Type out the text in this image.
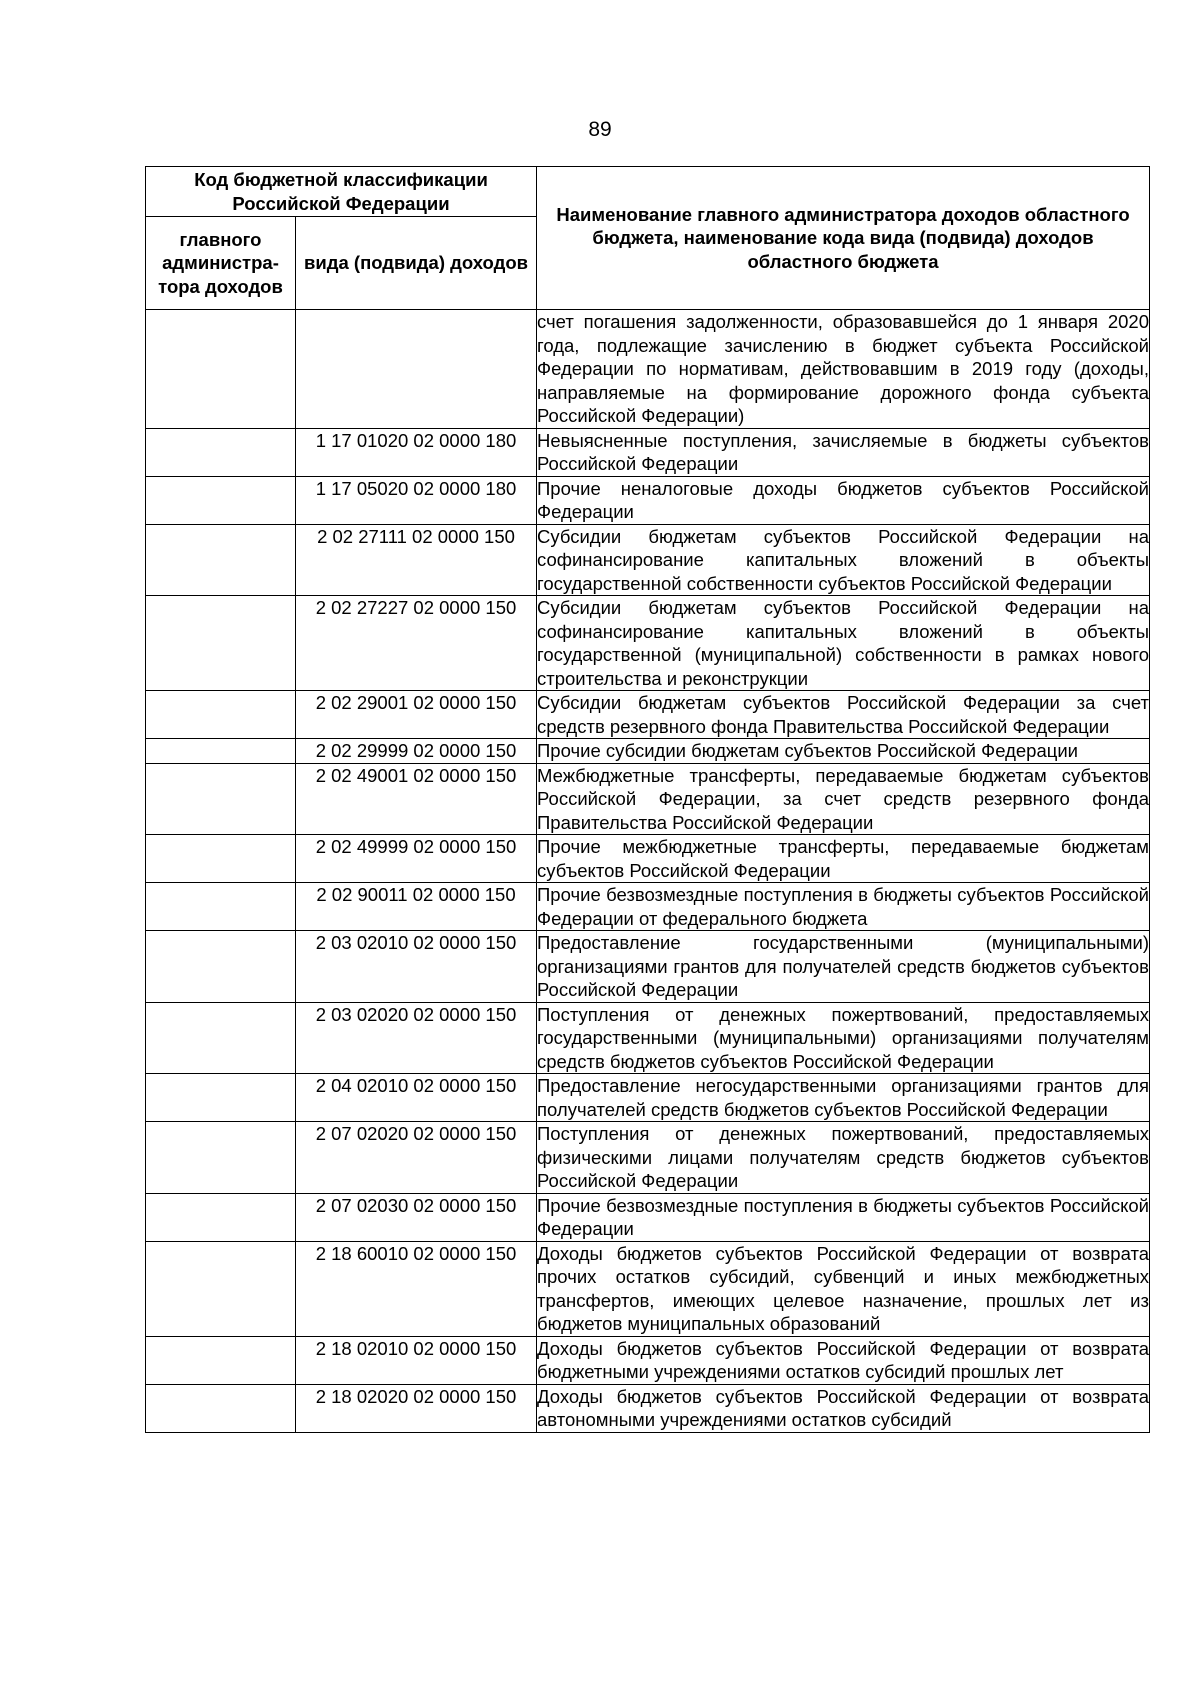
89
Код бюджетной классификации Российской Федерации		Наименование главного администратора доходов областного бюджета, наименование кода вида (подвида) доходов областного бюджета
главного администра-тора доходов	вида (подвида) доходов	
		счет погашения задолженности, образовавшейся до 1 января 2020 года, подлежащие зачислению в бюджет субъекта Российской Федерации по нормативам, действовавшим в 2019 году (доходы, направляемые на формирование дорожного фонда субъекта Российской Федерации)
	1 17 01020 02 0000 180	Невыясненные поступления, зачисляемые в бюджеты субъектов Российской Федерации
	1 17 05020 02 0000 180	Прочие неналоговые доходы бюджетов субъектов Российской Федерации
	2 02 27111 02 0000 150	Субсидии бюджетам субъектов Российской Федерации на софинансирование капитальных вложений в объекты государственной собственности субъектов Российской Федерации
	2 02 27227 02 0000 150	Субсидии бюджетам субъектов Российской Федерации на софинансирование капитальных вложений в объекты государственной (муниципальной) собственности в рамках нового строительства и реконструкции
	2 02 29001 02 0000 150	Субсидии бюджетам субъектов Российской Федерации за счет средств резервного фонда Правительства Российской Федерации
	2 02 29999 02 0000 150	Прочие субсидии бюджетам субъектов Российской Федерации
	2 02 49001 02 0000 150	Межбюджетные трансферты, передаваемые бюджетам субъектов Российской Федерации, за счет средств резервного фонда Правительства Российской Федерации
	2 02 49999 02 0000 150	Прочие межбюджетные трансферты, передаваемые бюджетам субъектов Российской Федерации
	2 02 90011 02 0000 150	Прочие безвозмездные поступления в бюджеты субъектов Российской Федерации от федерального бюджета
	2 03 02010 02 0000 150	Предоставление государственными (муниципальными) организациями грантов для получателей средств бюджетов субъектов Российской Федерации
	2 03 02020 02 0000 150	Поступления от денежных пожертвований, предоставляемых государственными (муниципальными) организациями получателям средств бюджетов субъектов Российской Федерации
	2 04 02010 02 0000 150	Предоставление негосударственными организациями грантов для получателей средств бюджетов субъектов Российской Федерации
	2 07 02020 02 0000 150	Поступления от денежных пожертвований, предоставляемых физическими лицами получателям средств бюджетов субъектов Российской Федерации
	2 07 02030 02 0000 150	Прочие безвозмездные поступления в бюджеты субъектов Российской Федерации
	2 18 60010 02 0000 150	Доходы бюджетов субъектов Российской Федерации от возврата прочих остатков субсидий, субвенций и иных межбюджетных трансфертов, имеющих целевое назначение, прошлых лет из бюджетов муниципальных образований
	2 18 02010 02 0000 150	Доходы бюджетов субъектов Российской Федерации от возврата бюджетными учреждениями остатков субсидий прошлых лет
	2 18 02020 02 0000 150	Доходы бюджетов субъектов Российской Федерации от возврата автономными учреждениями остатков субсидий
